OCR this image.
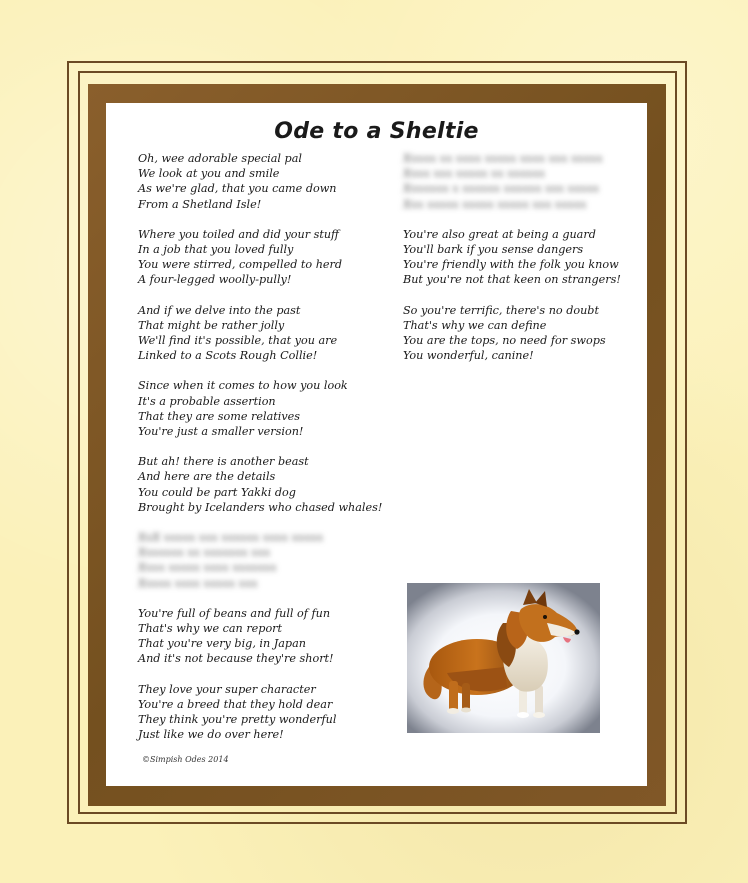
Ode to a Sheltie
Oh, wee adorable special pal
We look at you and smile
As we're glad, that you came down
From a Shetland Isle!
Where you toiled and did your stuff
In a job that you loved fully
You were stirred, compelled to herd
A four-legged woolly-pully!
And if we delve into the past
That might be rather jolly
We'll find it's possible, that you are
Linked to a Scots Rough Collie!
Since when it comes to how you look
It's a probable assertion
That they are some relatives
You're just a smaller version!
But ah! there is another beast
And here are the details
You could be part Yakki dog
Brought by Icelanders who chased whales!
XxX xxxxx xxx xxxxxx xxxx xxxxx
Xxxxxxx xx xxxxxxx xxx
Xxxx xxxxx xxxx xxxxxxx
Xxxxx xxxx xxxxx xxx
You're full of beans and full of fun
That's why we can report
That you're very big, in Japan
And it's not because they're short!
They love your super character
You're a breed that they hold dear
They think you're pretty wonderful
Just like we do over here!
Xxxxx xx xxxx xxxxx xxxx xxx xxxxx
Xxxx xxx xxxxx xx xxxxxx
Xxxxxxx x xxxxxx xxxxxx xxx xxxxx
Xxx xxxxx xxxxx xxxxx xxx xxxxx
You're also great at being a guard
You'll bark if you sense dangers
You're friendly with the folk you know
But you're not that keen on strangers!
So you're terrific, there's no doubt
That's why we can define
You are the tops, no need for swops
You wonderful, canine!
©Simpish Odes 2014
